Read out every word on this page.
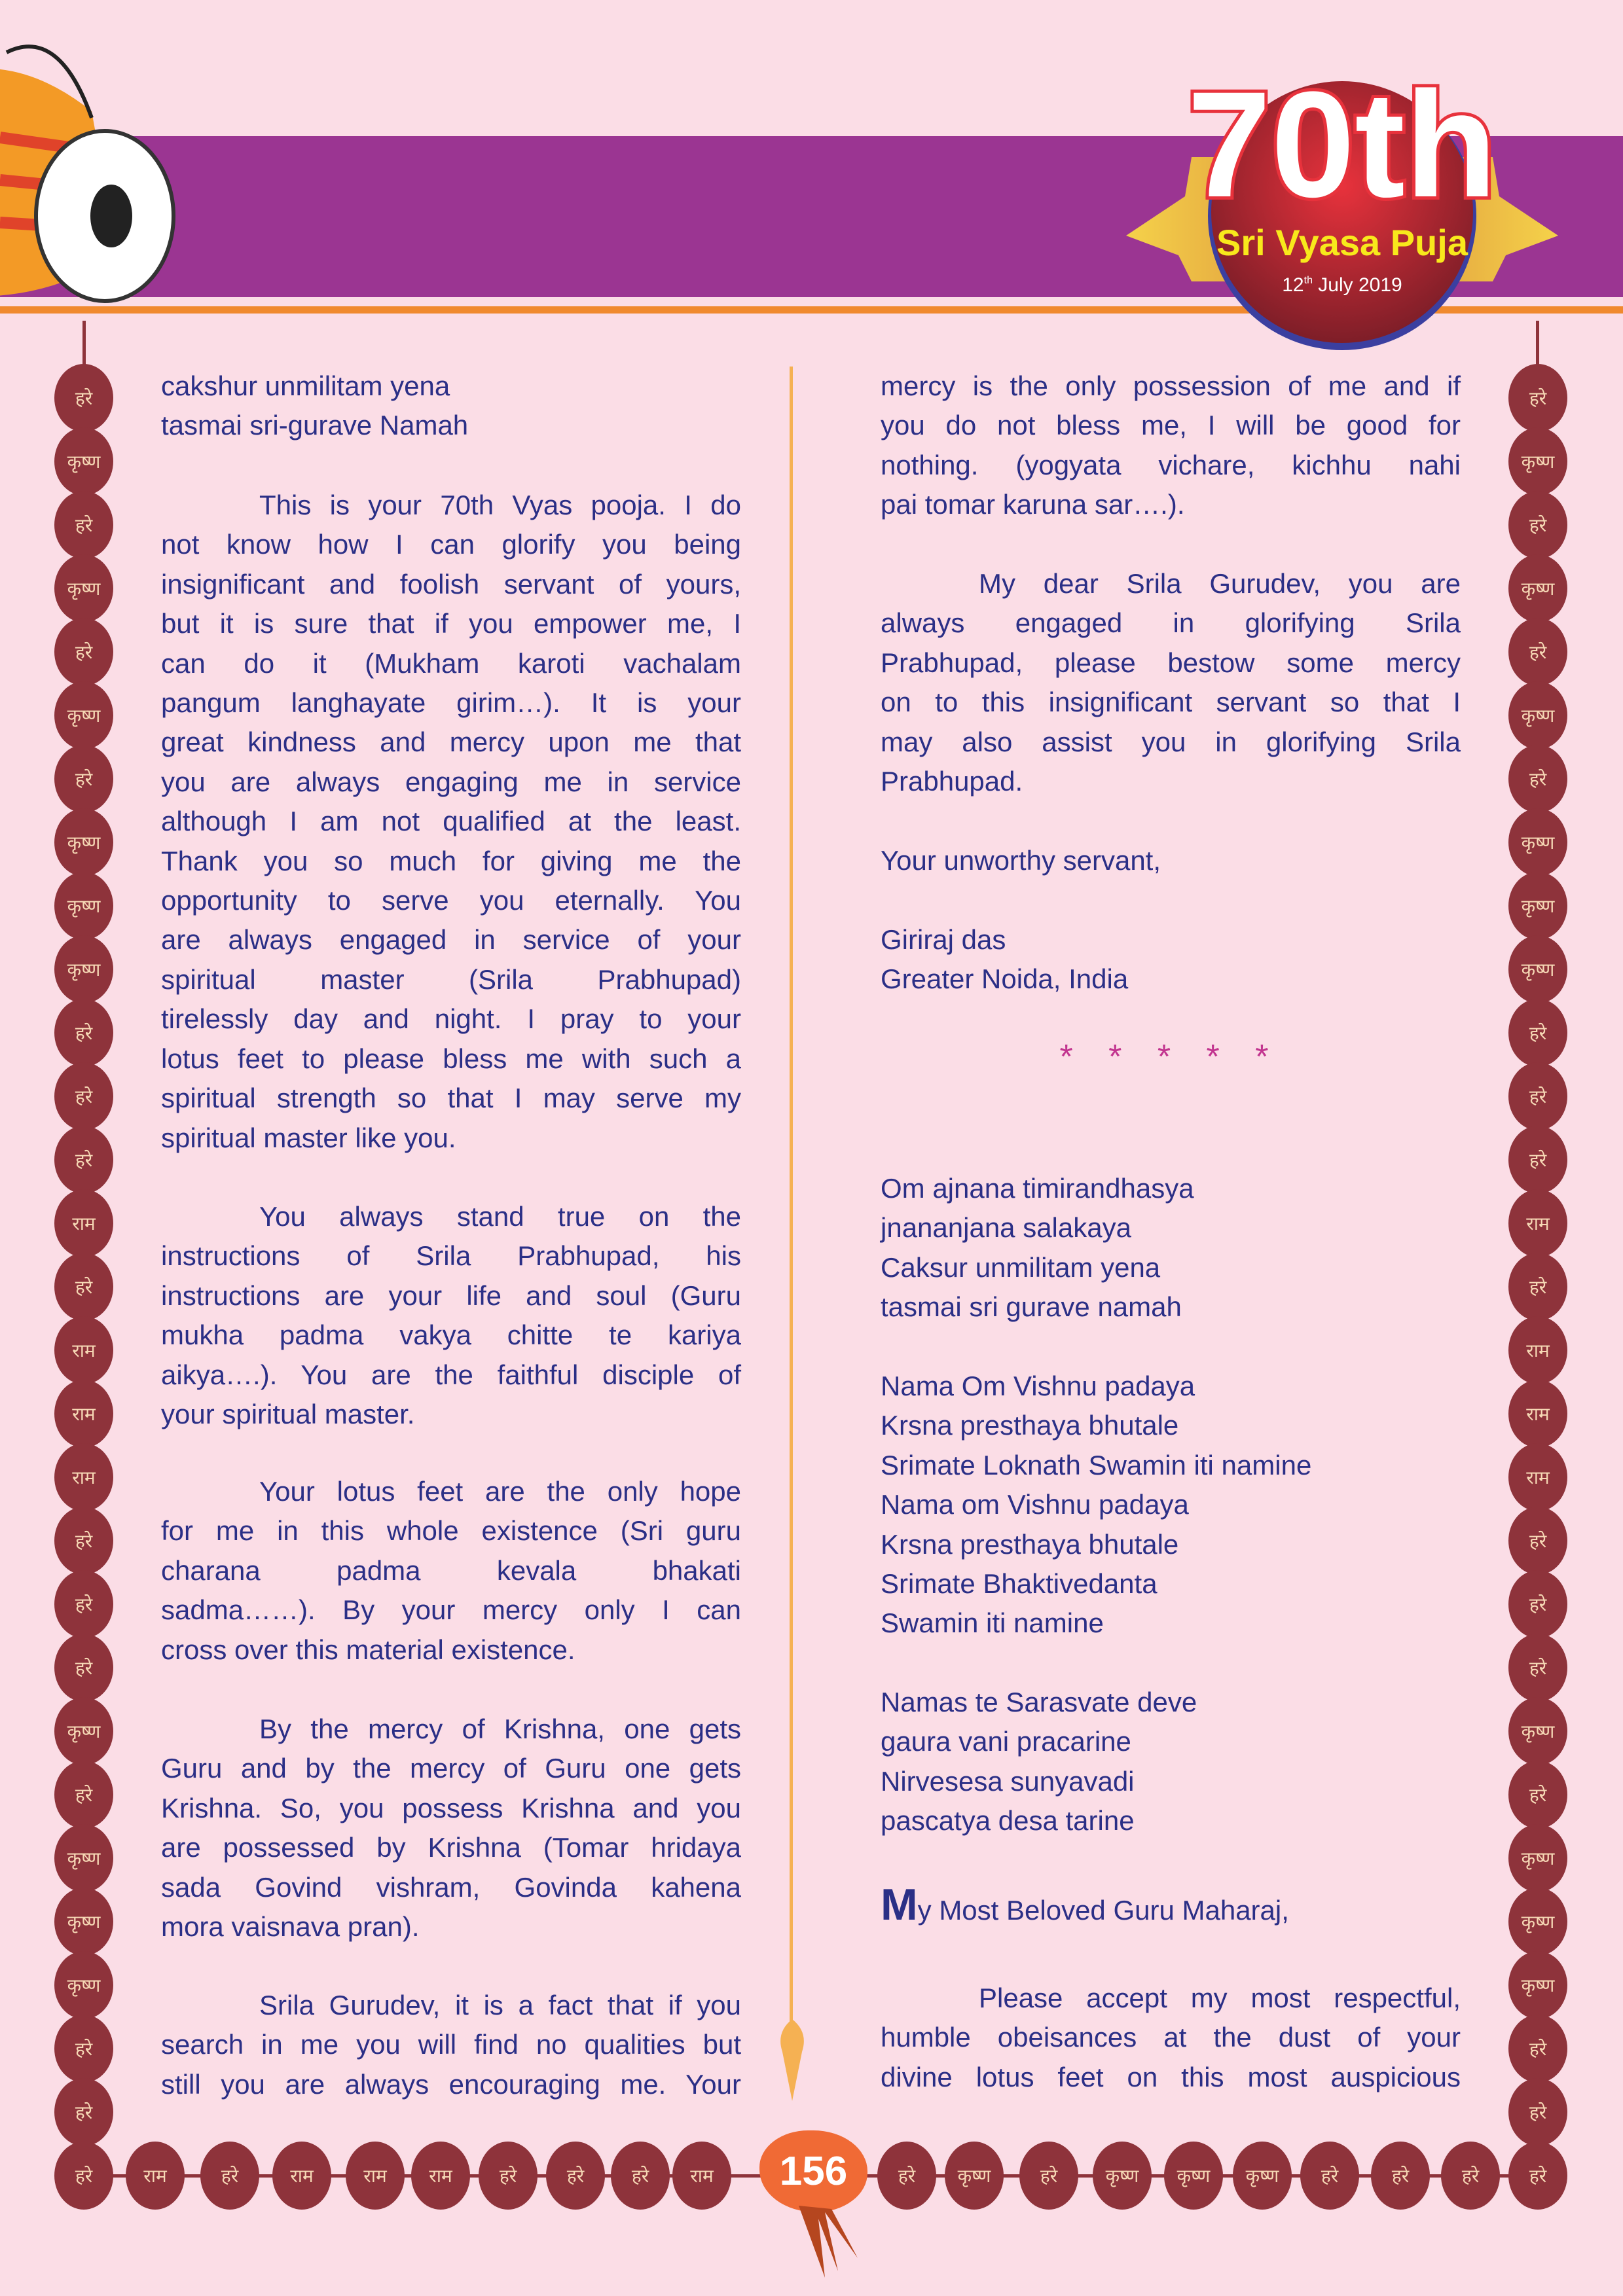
70th
Sri Vyasa Puja
12th July 2019
cakshur unmilitam yena
tasmai sri-gurave Namah
This is your 70th Vyas pooja. I do
not know how I can glorify you being
insignificant and foolish servant of yours,
but it is sure that if you empower me, I
can do it (Mukham karoti vachalam
pangum langhayate girim…). It is your
great kindness and mercy upon me that
you are always engaging me in service
although I am not qualified at the least.
Thank you so much for giving me the
opportunity to serve you eternally. You
are always engaged in service of your
spiritual master (Srila Prabhupad)
tirelessly day and night. I pray to your
lotus feet to please bless me with such a
spiritual strength so that I may serve my
spiritual master like you.
You always stand true on the
instructions of Srila Prabhupad, his
instructions are your life and soul (Guru
mukha padma vakya chitte te kariya
aikya….). You are the faithful disciple of
your spiritual master.
Your lotus feet are the only hope
for me in this whole existence (Sri guru
charana padma kevala bhakati
sadma……). By your mercy only I can
cross over this material existence.
By the mercy of Krishna, one gets
Guru and by the mercy of Guru one gets
Krishna. So, you possess Krishna and you
are possessed by Krishna (Tomar hridaya
sada Govind vishram, Govinda kahena
mora vaisnava pran).
Srila Gurudev, it is a fact that if you
search in me you will find no qualities but
still you are always encouraging me. Your
* * * * *
My Most Beloved Guru Maharaj,
mercy is the only possession of me and if
you do not bless me, I will be good for
nothing. (yogyata vichare, kichhu nahi
pai tomar karuna sar….).
My dear Srila Gurudev, you are
always engaged in glorifying Srila
Prabhupad, please bestow some mercy
on to this insignificant servant so that I
may also assist you in glorifying Srila
Prabhupad.
Your unworthy servant,
Giriraj das
Greater Noida, India
Om ajnana timirandhasya
jnananjana salakaya
Caksur unmilitam yena
tasmai sri gurave namah
Nama Om Vishnu padaya
Krsna presthaya bhutale
Srimate Loknath Swamin iti namine
Nama om Vishnu padaya
Krsna presthaya bhutale
Srimate Bhaktivedanta
Swamin iti namine
Namas te Sarasvate deve
gaura vani pracarine
Nirvesesa sunyavadi
pascatya desa tarine
Please accept my most respectful,
humble obeisances at the dust of your
divine lotus feet on this most auspicious
हरे	हरे
कृष्ण	कृष्ण
हरे	हरे
कृष्ण	कृष्ण
हरे	हरे
कृष्ण	कृष्ण
हरे	हरे
कृष्ण	कृष्ण
कृष्ण	कृष्ण
कृष्ण	कृष्ण
हरे	हरे
हरे	हरे
हरे	हरे
राम	राम
हरे	हरे
राम	राम
राम	राम
राम	राम
हरे	हरे
हरे	हरे
हरे	हरे
कृष्ण	कृष्ण
हरे	हरे
कृष्ण	कृष्ण
कृष्ण	कृष्ण
कृष्ण	कृष्ण
हरे	हरे
हरे	हरे
हरे	राम	हरे	राम	राम	राम	हरे	हरे	हरे	राम	हरे	कृष्ण	हरे	कृष्ण	कृष्ण	कृष्ण	हरे	हरे	हरे	हरे
156
